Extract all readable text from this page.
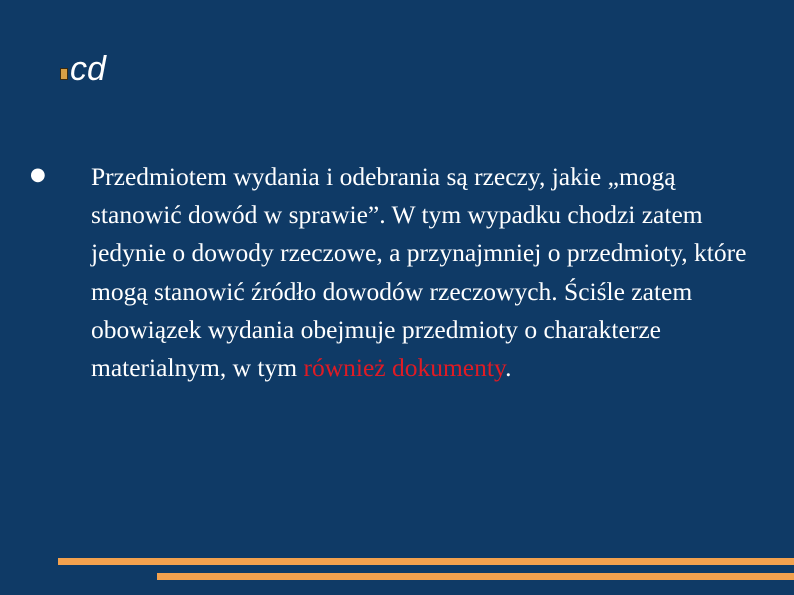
cd
● Przedmiotem wydania i odebrania są rzeczy, jakie „mogą stanowić dowód w sprawie”. W tym wypadku chodzi zatem jedynie o dowody rzeczowe, a przynajmniej o przedmioty, które mogą stanowić źródło dowodów rzeczowych. Ściśle zatem obowiązek wydania obejmuje przedmioty o charakterze materialnym, w tym również dokumenty.
